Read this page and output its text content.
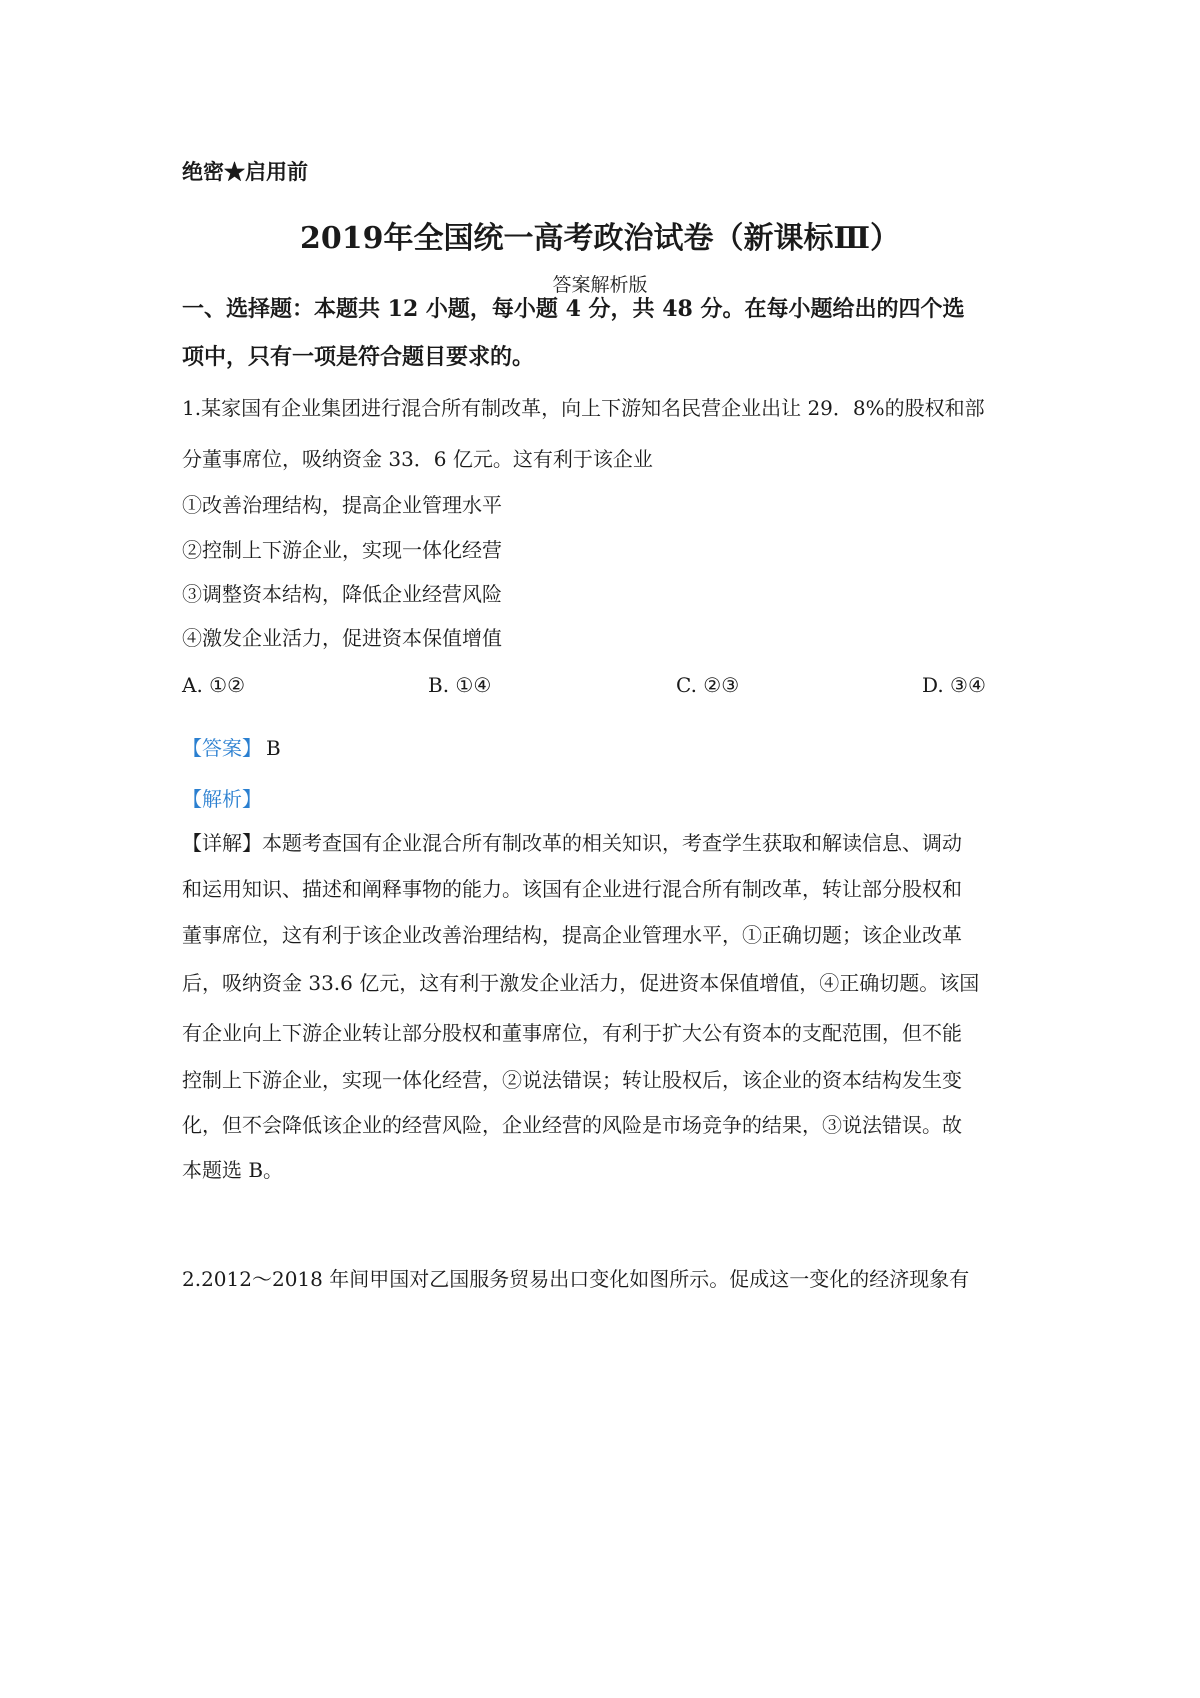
绝密★启用前
2019年全国统一高考政治试卷（新课标Ⅲ）
答案解析版
一、选择题：本题共 12 小题，每小题 4 分，共 48 分。在每小题给出的四个选
项中，只有一项是符合题目要求的。
1.某家国有企业集团进行混合所有制改革，向上下游知名民营企业出让 29．8%的股权和部
分董事席位，吸纳资金 33．6 亿元。这有利于该企业
①改善治理结构，提高企业管理水平
②控制上下游企业，实现一体化经营
③调整资本结构，降低企业经营风险
④激发企业活力，促进资本保值增值
A. ①②	B. ①④	C. ②③	D. ③④
【答案】 B
【解析】
【详解】本题考查国有企业混合所有制改革的相关知识，考查学生获取和解读信息、调动
和运用知识、描述和阐释事物的能力。该国有企业进行混合所有制改革，转让部分股权和
董事席位，这有利于该企业改善治理结构，提高企业管理水平，①正确切题；该企业改革
后，吸纳资金 33.6 亿元，这有利于激发企业活力，促进资本保值增值，④正确切题。该国
有企业向上下游企业转让部分股权和董事席位，有利于扩大公有资本的支配范围，但不能
控制上下游企业，实现一体化经营，②说法错误；转让股权后，该企业的资本结构发生变
化，但不会降低该企业的经营风险，企业经营的风险是市场竞争的结果，③说法错误。故
本题选 B。
2.2012～2018 年间甲国对乙国服务贸易出口变化如图所示。促成这一变化的经济现象有
